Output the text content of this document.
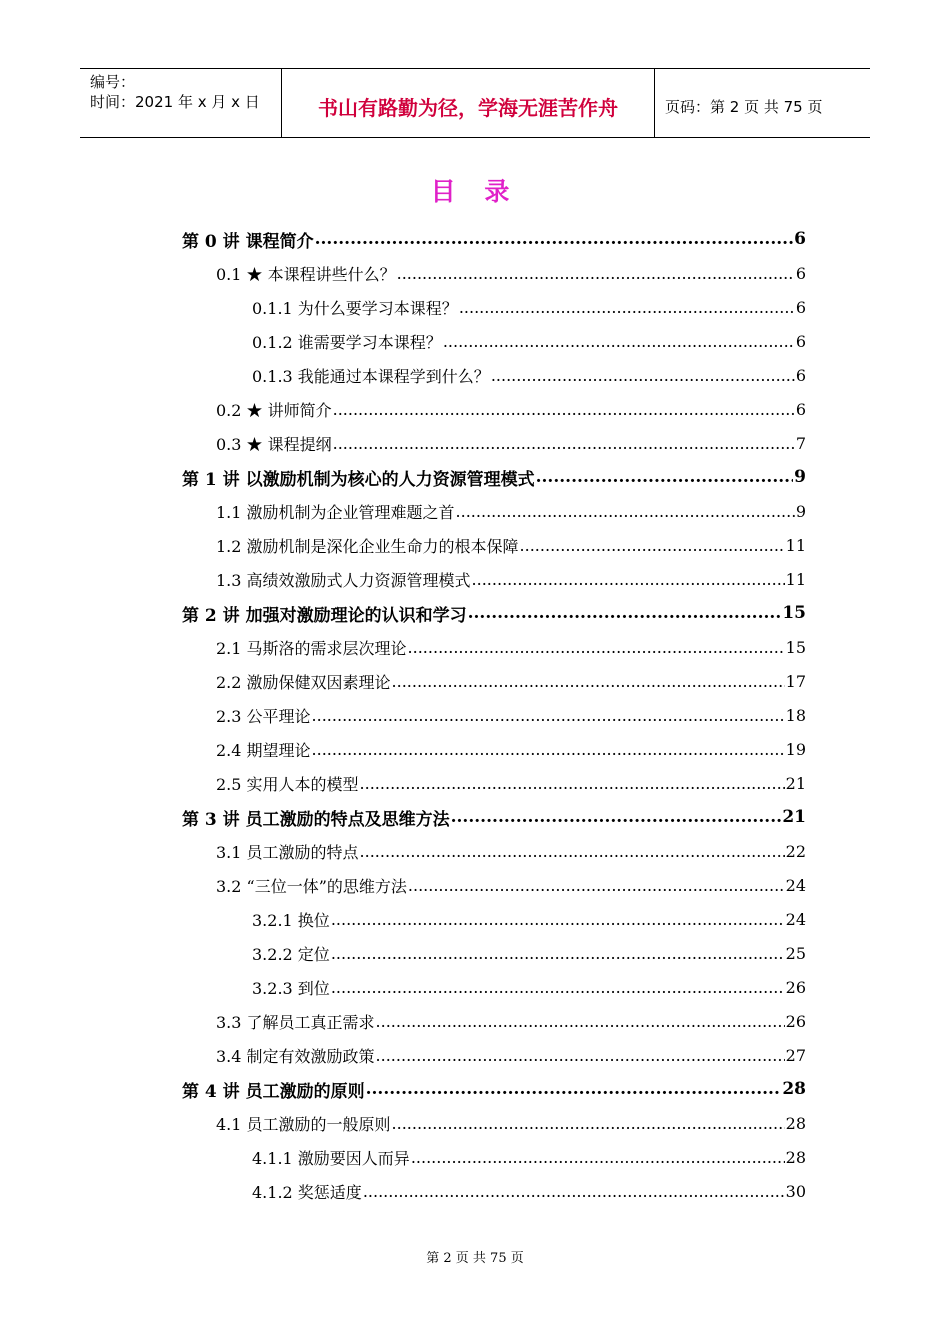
编号：
时间：2021 年 x 月 x 日	书山有路勤为径，学海无涯苦作舟	页码：第 2 页 共 75 页
目 录
第 0 讲 课程简介 .....	6
0.1 ★ 本课程讲些什么？ .....	6
0.1.1 为什么要学习本课程？ .....	6
0.1.2 谁需要学习本课程？ .....	6
0.1.3 我能通过本课程学到什么？ .....	6
0.2 ★ 讲师简介 .....	6
0.3 ★ 课程提纲 .....	7
第 1 讲 以激励机制为核心的人力资源管理模式 .....	9
1.1 激励机制为企业管理难题之首 .....	9
1.2 激励机制是深化企业生命力的根本保障 .....	11
1.3 高绩效激励式人力资源管理模式 .....	11
第 2 讲 加强对激励理论的认识和学习 .....	15
2.1 马斯洛的需求层次理论 .....	15
2.2 激励保健双因素理论 .....	17
2.3 公平理论 .....	18
2.4 期望理论 .....	19
2.5 实用人本的模型 .....	21
第 3 讲 员工激励的特点及思维方法 .....	21
3.1 员工激励的特点 .....	22
3.2 “三位一体”的思维方法 .....	24
3.2.1 换位 .....	24
3.2.2 定位 .....	25
3.2.3 到位 .....	26
3.3 了解员工真正需求 .....	26
3.4 制定有效激励政策 .....	27
第 4 讲 员工激励的原则 .....	28
4.1 员工激励的一般原则 .....	28
4.1.1 激励要因人而异 .....	28
4.1.2 奖惩适度 .....	30
第 2 页 共 75 页
